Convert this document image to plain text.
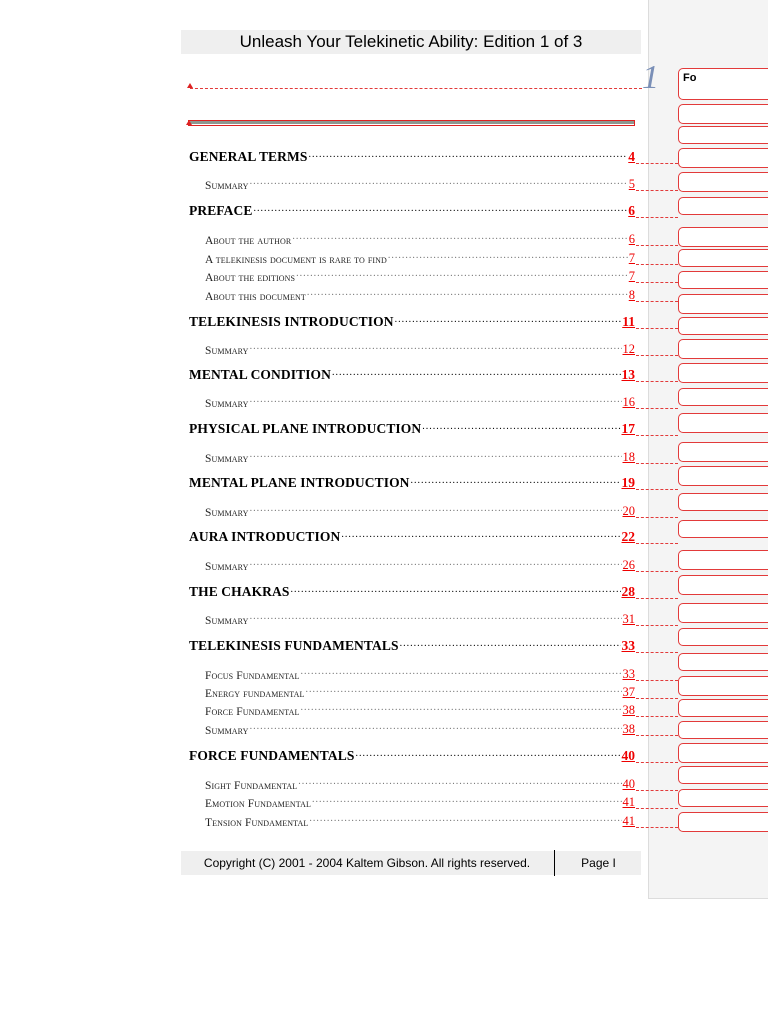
Unleash Your Telekinetic Ability: Edition 1 of 3
1
GENERAL TERMS .....	4
Summary .....	5
PREFACE .....	6
About the author .....	6
A telekinesis document is rare to find .....	7
About the editions .....	7
About this document .....	8
TELEKINESIS INTRODUCTION .....	11
Summary .....	12
MENTAL CONDITION .....	13
Summary .....	16
PHYSICAL PLANE INTRODUCTION .....	17
Summary .....	18
MENTAL PLANE INTRODUCTION .....	19
Summary .....	20
AURA INTRODUCTION .....	22
Summary .....	26
THE CHAKRAS .....	28
Summary .....	31
TELEKINESIS FUNDAMENTALS .....	33
Focus Fundamental .....	33
Energy fundamental .....	37
Force Fundamental .....	38
Summary .....	38
FORCE FUNDAMENTALS .....	40
Sight Fundamental .....	40
Emotion Fundamental .....	41
Tension Fundamental .....	41
Fo
Copyright (C) 2001 - 2004 Kaltem Gibson. All rights reserved.	Page I
